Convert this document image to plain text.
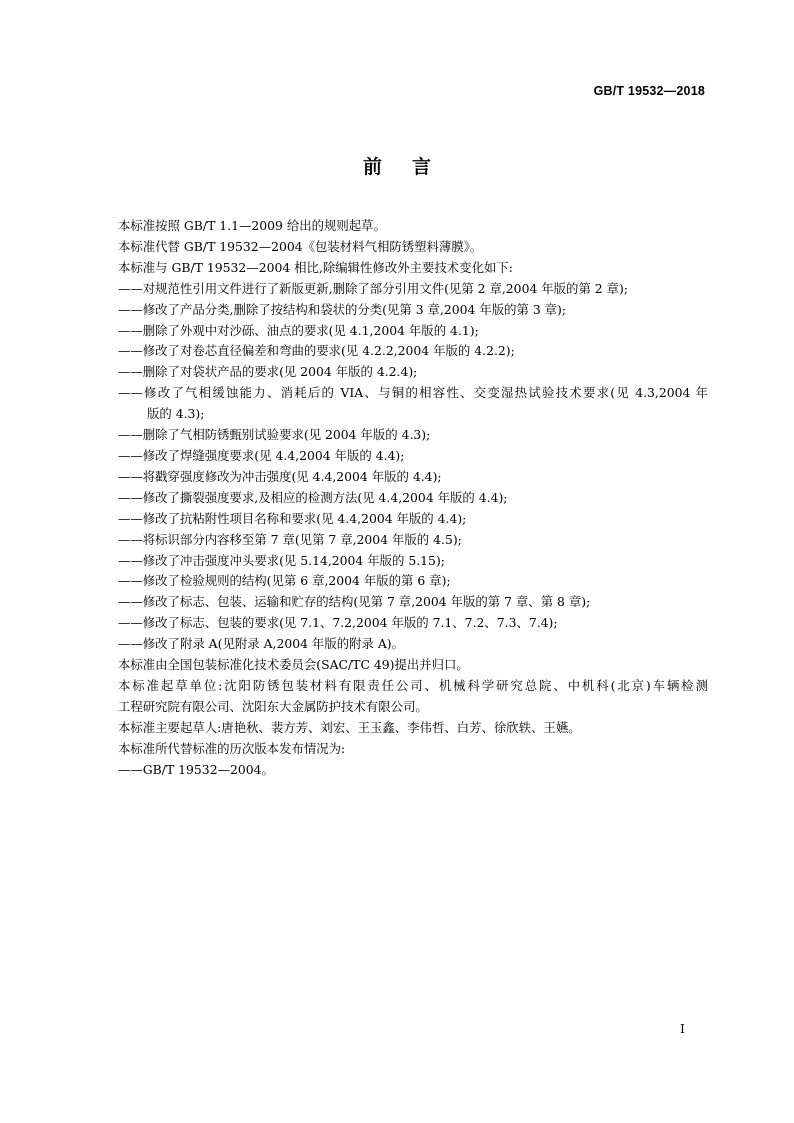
GB/T 19532—2018
前言
本标准按照 GB/T 1.1—2009 给出的规则起草。
本标准代替 GB/T 19532—2004《包装材料气相防锈塑料薄膜》。
本标准与 GB/T 19532—2004 相比,除编辑性修改外主要技术变化如下:
——对规范性引用文件进行了新版更新,删除了部分引用文件(见第 2 章,2004 年版的第 2 章);
——修改了产品分类,删除了按结构和袋状的分类(见第 3 章,2004 年版的第 3 章);
——删除了外观中对沙砾、油点的要求(见 4.1,2004 年版的 4.1);
——修改了对卷芯直径偏差和弯曲的要求(见 4.2.2,2004 年版的 4.2.2);
——删除了对袋状产品的要求(见 2004 年版的 4.2.4);
——修改了气相缓蚀能力、消耗后的 VIA、与铜的相容性、交变湿热试验技术要求(见 4.3,2004 年
版的 4.3);
——删除了气相防锈甄别试验要求(见 2004 年版的 4.3);
——修改了焊缝强度要求(见 4.4,2004 年版的 4.4);
——将戳穿强度修改为冲击强度(见 4.4,2004 年版的 4.4);
——修改了撕裂强度要求,及相应的检测方法(见 4.4,2004 年版的 4.4);
——修改了抗粘附性项目名称和要求(见 4.4,2004 年版的 4.4);
——将标识部分内容移至第 7 章(见第 7 章,2004 年版的 4.5);
——修改了冲击强度冲头要求(见 5.14,2004 年版的 5.15);
——修改了检验规则的结构(见第 6 章,2004 年版的第 6 章);
——修改了标志、包装、运输和贮存的结构(见第 7 章,2004 年版的第 7 章、第 8 章);
——修改了标志、包装的要求(见 7.1、7.2,2004 年版的 7.1、7.2、7.3、7.4);
——修改了附录 A(见附录 A,2004 年版的附录 A)。
本标准由全国包装标准化技术委员会(SAC/TC 49)提出并归口。
本标准起草单位:沈阳防锈包装材料有限责任公司、机械科学研究总院、中机科(北京)车辆检测
工程研究院有限公司、沈阳东大金属防护技术有限公司。
本标准主要起草人:唐艳秋、裴方芳、刘宏、王玉鑫、李伟哲、白芳、徐欣轶、王嬿。
本标准所代替标准的历次版本发布情况为:
——GB/T 19532—2004。
I
